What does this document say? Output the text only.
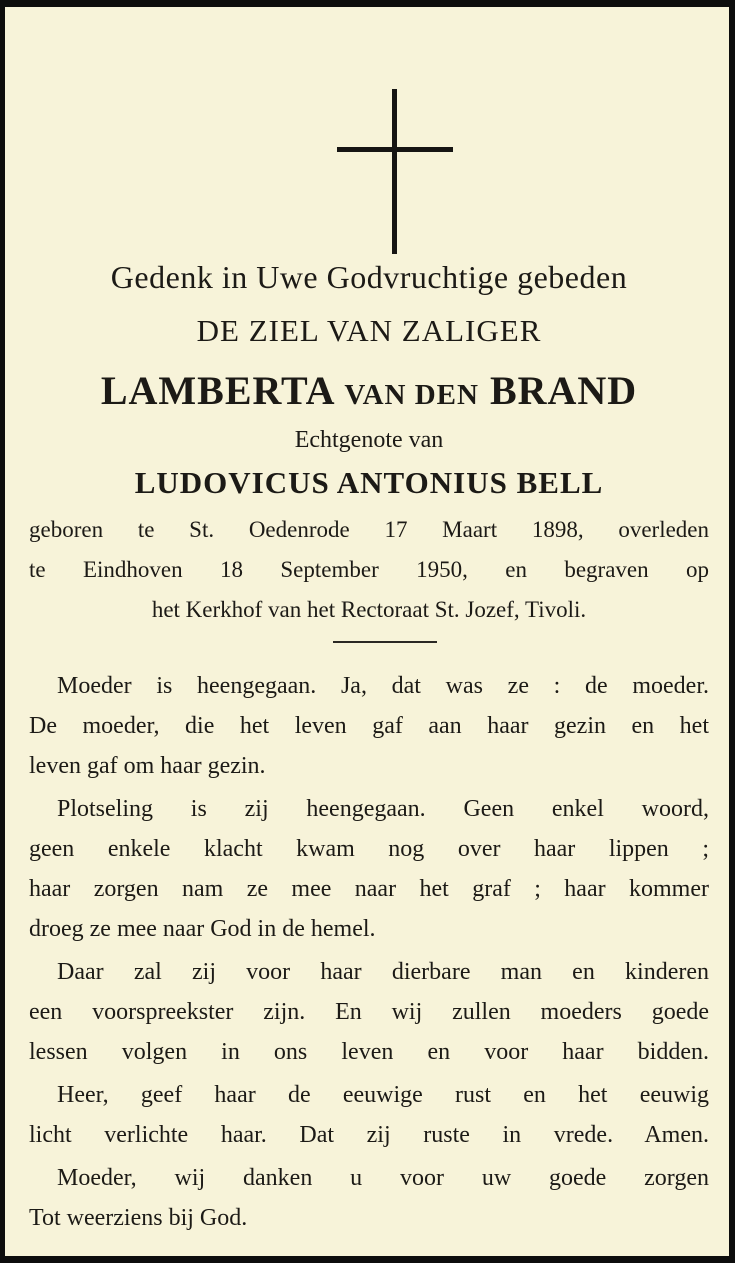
Gedenk in Uwe Godvruchtige gebeden
DE ZIEL VAN ZALIGER
LAMBERTA VAN DEN BRAND
Echtgenote van
LUDOVICUS ANTONIUS BELL
geboren te St. Oedenrode 17 Maart 1898, overleden
te Eindhoven 18 September 1950, en begraven op
het Kerkhof van het Rectoraat St. Jozef, Tivoli.
Moeder is heengegaan. Ja, dat was ze : de moeder.
De moeder, die het leven gaf aan haar gezin en het
leven gaf om haar gezin.
Plotseling is zij heengegaan. Geen enkel woord,
geen enkele klacht kwam nog over haar lippen ;
haar zorgen nam ze mee naar het graf ; haar kommer
droeg ze mee naar God in de hemel.
Daar zal zij voor haar dierbare man en kinderen
een voorspreekster zijn. En wij zullen moeders goede
lessen volgen in ons leven en voor haar bidden.
Heer, geef haar de eeuwige rust en het eeuwig
licht verlichte haar. Dat zij ruste in vrede. Amen.
Moeder, wij danken u voor uw goede zorgen
Tot weerziens bij God.
